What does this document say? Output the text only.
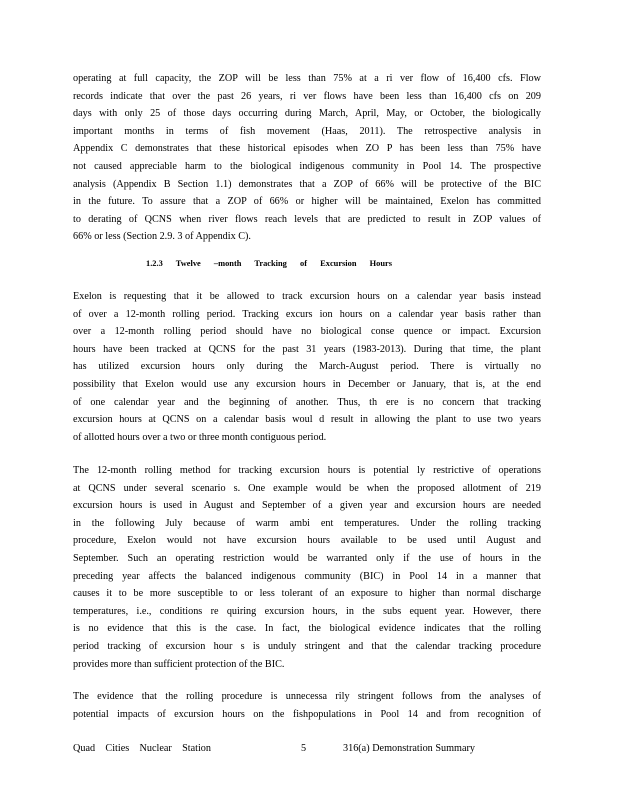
operating at full capacity, the ZOP will be less than 75% at a ri ver flow of 16,400 cfs. Flow
records indicate that over the past 26 years, ri ver flows have been less than 16,400 cfs on 209
days with only 25 of those days occurring during March, April, May, or October, the biologically
important months in terms of fish movement (Haas, 2011). The retrospective analysis in
Appendix C demonstrates that these historical episodes when ZO P has been less than 75% have
not caused appreciable harm to the biological indigenous community in Pool 14. The prospective
analysis (Appendix B Section 1.1) demonstrates that a ZOP of 66% will be protective of the BIC
in the future. To assure that a ZOP of 66% or higher will be maintained, Exelon has committed
to derating of QCNS when river flows reach levels that are predicted to result in ZOP values of
66% or less (Section 2.9. 3 of Appendix C).
1.2.3 Twelve –month Tracking of Excursion Hours
Exelon is requesting that it be allowed to track excursion hours on a calendar year basis instead
of over a 12-month rolling period. Tracking excurs ion hours on a calendar year basis rather than
over a 12-month rolling period should have no biological conse quence or impact. Excursion
hours have been tracked at QCNS for the past 31 years (1983-2013). During that time, the plant
has utilized excursion hours only during the March-August period. There is virtually no
possibility that Exelon would use any excursion hours in December or January, that is, at the end
of one calendar year and the beginning of another. Thus, th ere is no concern that tracking
excursion hours at QCNS on a calendar basis woul d result in allowing the plant to use two years
of allotted hours over a two or three month contiguous period.
The 12-month rolling method for tracking excursion hours is potential ly restrictive of operations
at QCNS under several scenario s. One example would be when the proposed allotment of 219
excursion hours is used in August and September of a given year and excursion hours are needed
in the following July because of warm ambi ent temperatures. Under the rolling tracking
procedure, Exelon would not have excursion hours available to be used until August and
September. Such an operating restriction would be warranted only if the use of hours in the
preceding year affects the balanced indigenous community (BIC) in Pool 14 in a manner that
causes it to be more susceptible to or less tolerant of an exposure to higher than normal discharge
temperatures, i.e., conditions re quiring excursion hours, in the subs equent year. However, there
is no evidence that this is the case. In fact, the biological evidence indicates that the rolling
period tracking of excursion hour s is unduly stringent and that the calendar tracking procedure
provides more than sufficient protection of the BIC.
The evidence that the rolling procedure is unnecessa rily stringent follows from the analyses of
potential impacts of excursion hours on the fishpopulations in Pool 14 and from recognition of
Quad Cities Nuclear Station	5	316(a) Demonstration Summary
